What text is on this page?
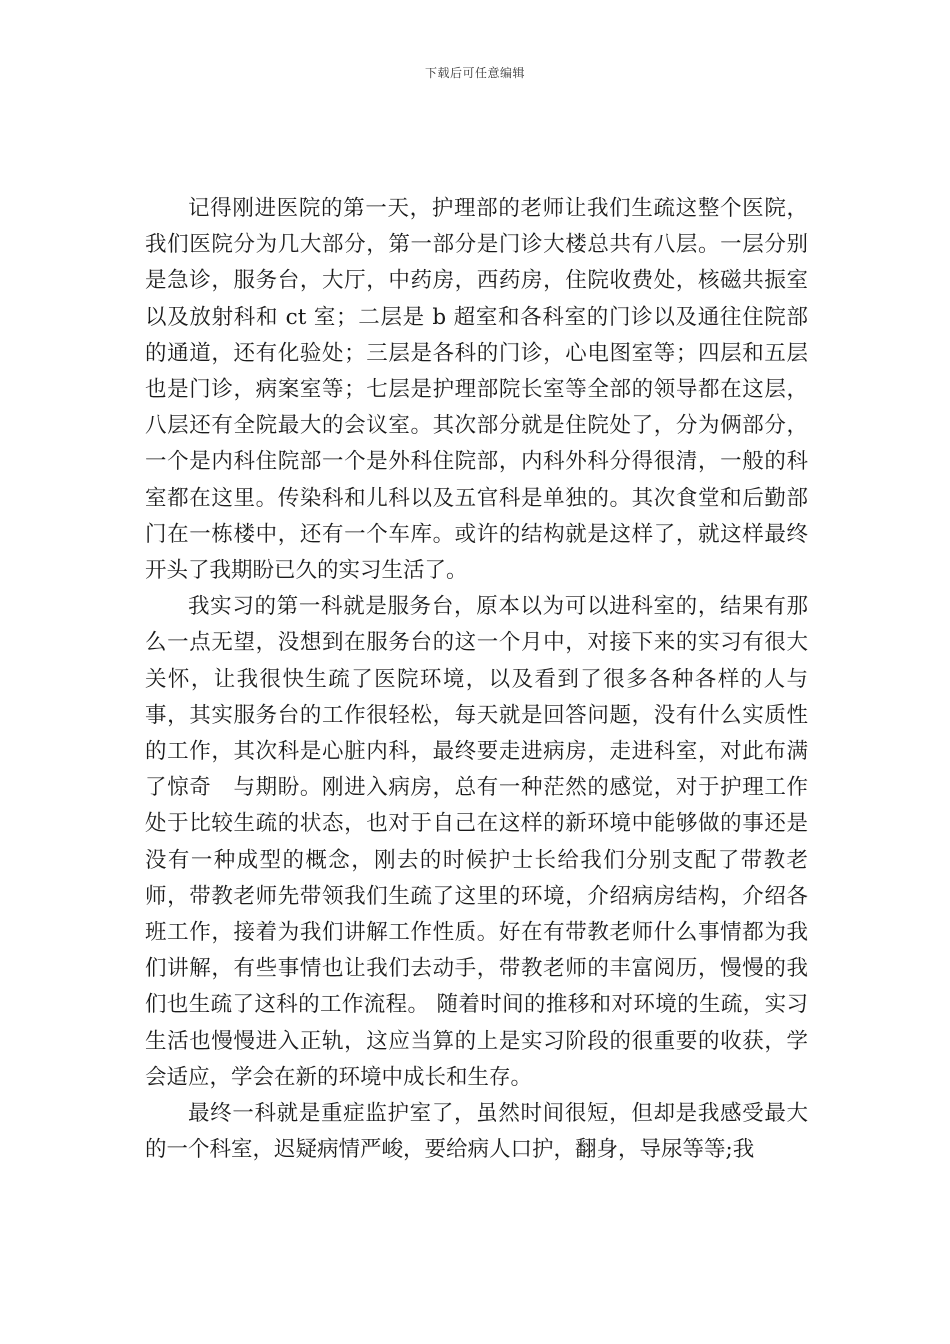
下载后可任意编辑

记得刚进医院的第一天，护理部的老师让我们生疏这整个医院，我们医院分为几大部分，第一部分是门诊大楼总共有八层。一层分别是急诊，服务台，大厅，中药房，西药房，住院收费处，核磁共振室以及放射科和 ct 室；二层是 b 超室和各科室的门诊以及通往住院部的通道，还有化验处；三层是各科的门诊，心电图室等；四层和五层也是门诊，病案室等；七层是护理部院长室等全部的领导都在这层，八层还有全院最大的会议室。其次部分就是住院处了，分为俩部分，一个是内科住院部一个是外科住院部，内科外科分得很清，一般的科室都在这里。传染科和儿科以及五官科是单独的。其次食堂和后勤部门在一栋楼中，还有一个车库。或许的结构就是这样了，就这样最终开头了我期盼已久的实习生活了。

我实习的第一科就是服务台，原本以为可以进科室的，结果有那么一点无望，没想到在服务台的这一个月中，对接下来的实习有很大关怀，让我很快生疏了医院环境，以及看到了很多各种各样的人与事，其实服务台的工作很轻松，每天就是回答问题，没有什么实质性的工作，其次科是心脏内科，最终要走进病房，走进科室，对此布满了惊奇　与期盼。刚进入病房，总有一种茫然的感觉，对于护理工作处于比较生疏的状态，也对于自己在这样的新环境中能够做的事还是没有一种成型的概念，刚去的时候护士长给我们分别支配了带教老师，带教老师先带领我们生疏了这里的环境，介绍病房结构，介绍各班工作，接着为我们讲解工作性质。好在有带教老师什么事情都为我们讲解，有些事情也让我们去动手，带教老师的丰富阅历，慢慢的我们也生疏了这科的工作流程。 随着时间的推移和对环境的生疏，实习生活也慢慢进入正轨，这应当算的上是实习阶段的很重要的收获，学会适应，学会在新的环境中成长和生存。

最终一科就是重症监护室了，虽然时间很短，但却是我感受最大的一个科室，迟疑病情严峻，要给病人口护，翻身，导尿等等;我
